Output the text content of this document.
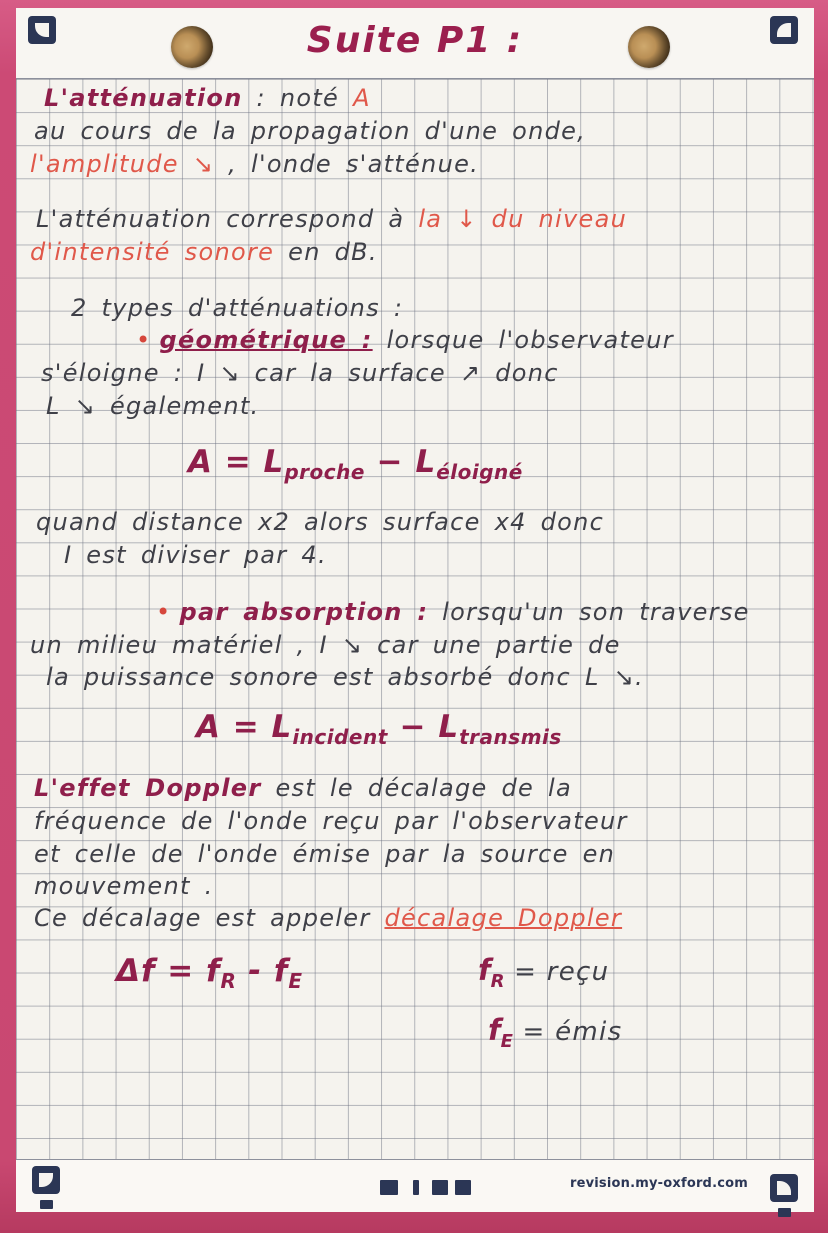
Suite P1 :
L'atténuation : noté A
au cours de la propagation d'une onde,
l'amplitude ↘ , l'onde s'atténue.
L'atténuation correspond à la ↓ du niveau
d'intensité sonore en dB.
2 types d'atténuations :
• géométrique : lorsque l'observateur
s'éloigne : I ↘ car la surface ↗ donc
L ↘ également.
$A = L_{proche} - L_{éloigné}$
quand distance x2 alors surface x4 donc
I est diviser par 4.
• par absorption : lorsqu'un son traverse
un milieu matériel , I ↘ car une partie de
la puissance sonore est absorbé donc L ↘.
$A = L_{incident} - L_{transmis}$
L'effet Doppler est le décalage de la
fréquence de l'onde reçu par l'observateur
et celle de l'onde émise par la source en
mouvement .
Ce décalage est appeler décalage Doppler
$\Delta f = f_R - f_E$	$f_R$ = reçu
$f_E$ = émis
revision.my-oxford.com
